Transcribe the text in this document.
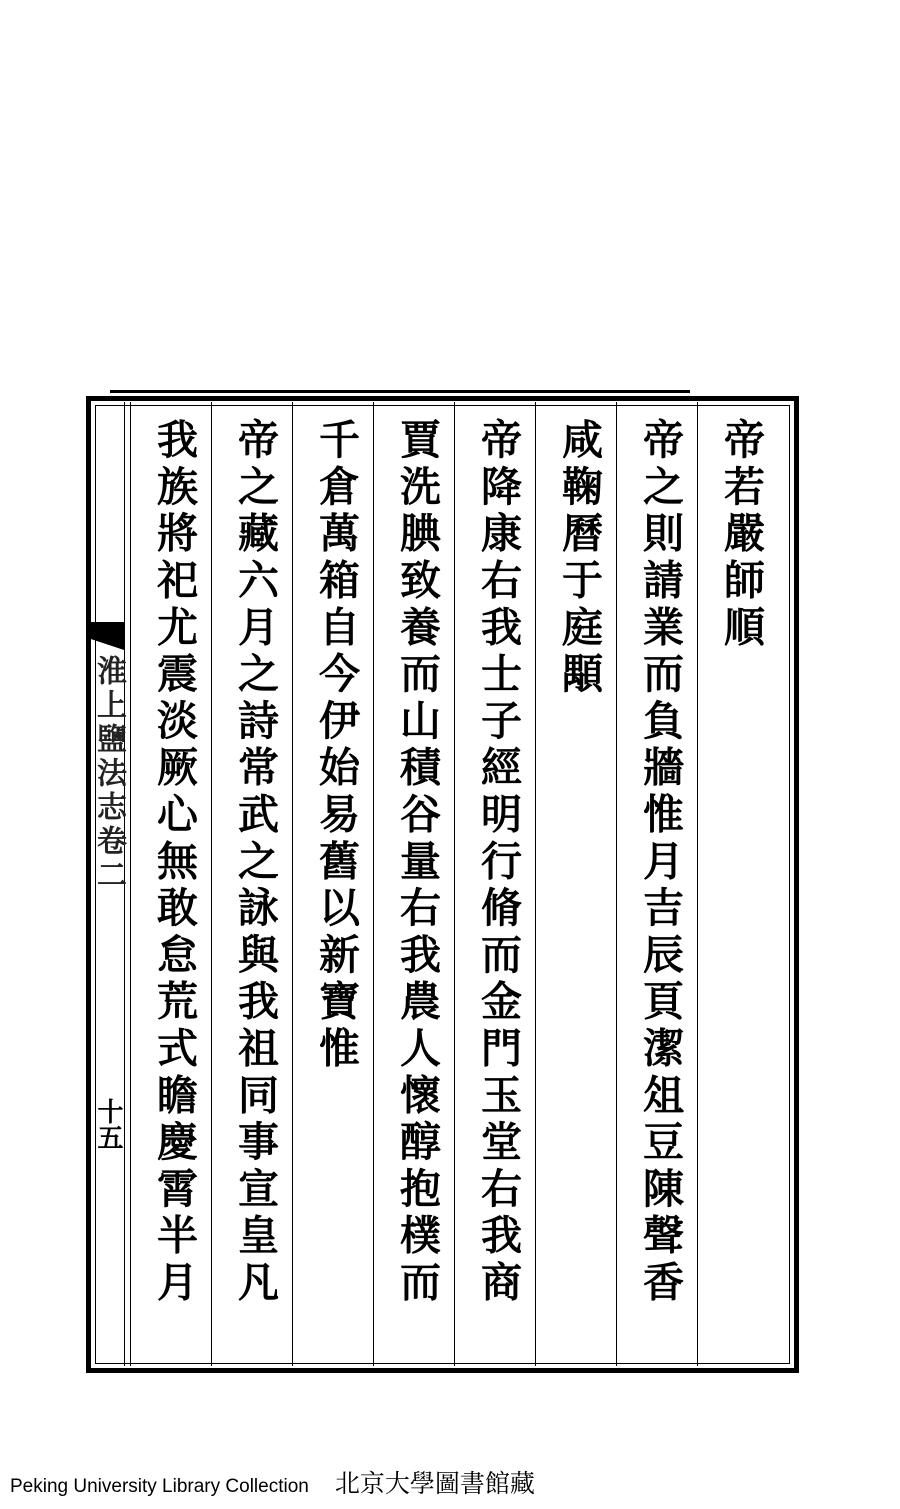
帝若嚴師順
帝之則請業而負牆惟月吉辰頁潔俎豆陳聲香
咸鞠曆于庭顒
帝降康右我士子經明行脩而金門玉堂右我商
賈洗腆致養而山積谷量右我農人懷醇抱樸而
千倉萬箱自今伊始易舊以新寶惟
帝之藏六月之詩常武之詠與我祖同事宣皇凡
我族將祀尤震淡厥心無敢怠荒式瞻慶霄半月
淮上鹽法志卷二
十五
Peking University Library Collection 北京大學圖書館藏
